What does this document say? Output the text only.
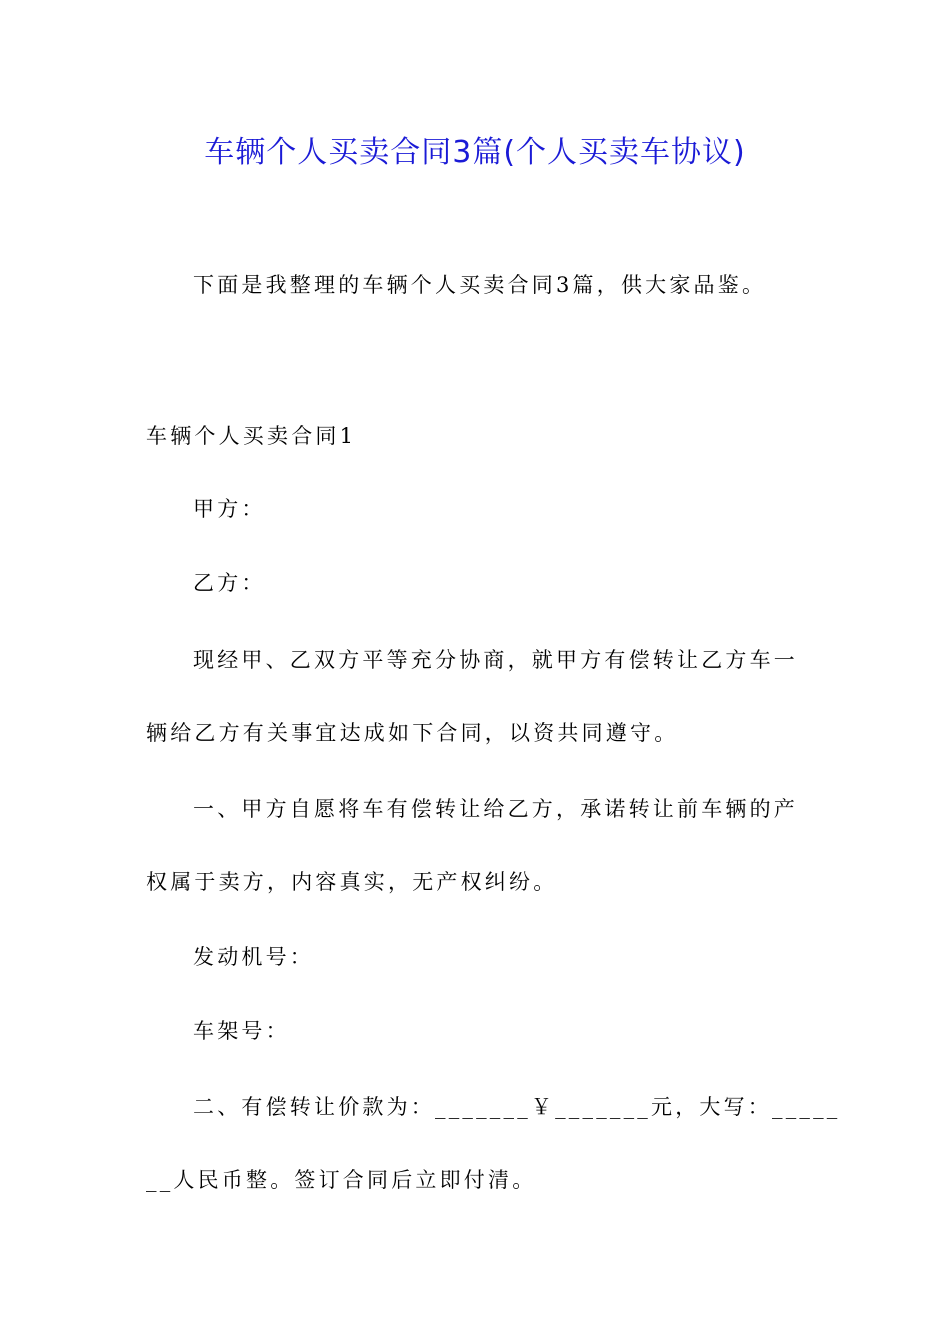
车辆个人买卖合同3篇(个人买卖车协议)
下面是我整理的车辆个人买卖合同3篇，供大家品鉴。
车辆个人买卖合同1
甲方：
乙方：
现经甲、乙双方平等充分协商，就甲方有偿转让乙方车一
辆给乙方有关事宜达成如下合同，以资共同遵守。
一、甲方自愿将车有偿转让给乙方，承诺转让前车辆的产
权属于卖方，内容真实，无产权纠纷。
发动机号：
车架号：
二、有偿转让价款为：_______￥_______元，大写：_____
__人民币整。签订合同后立即付清。
